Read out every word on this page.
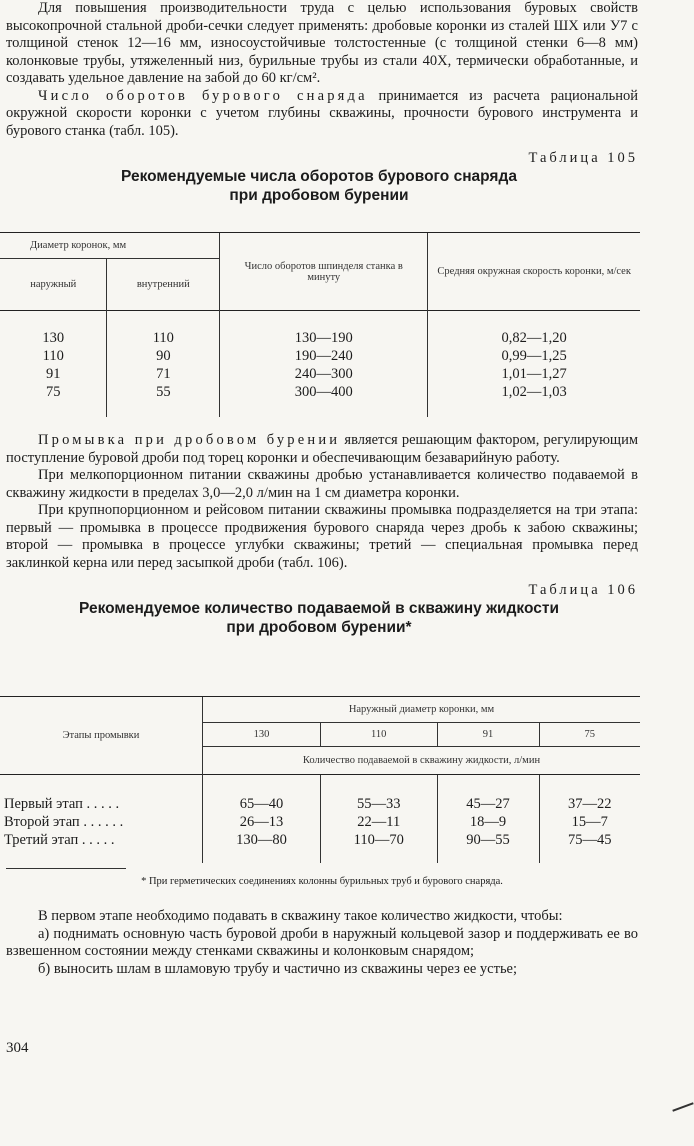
Для повышения производительности труда с целью использования буровых свойств высокопрочной стальной дроби-сечки следует применять: дробовые коронки из сталей ШХ или У7 с толщиной стенок 12—16 мм, износоустойчивые толстостенные (с толщиной стенки 6—8 мм) колонковые трубы, утяжеленный низ, бурильные трубы из стали 40Х, термически обработанные, и создавать удельное давление на забой до 60 кг/см².

Число оборотов бурового снаряда принимается из расчета рациональной окружной скорости коронки с учетом глубины скважины, прочности бурового инструмента и бурового станка (табл. 105).

Таблица 105

Рекомендуемые числа оборотов бурового снаряда

при дробовом бурении

Диаметр коронок, мм		Число оборотов шпинделя станка в минуту	Средняя окружная скорость коронки, м/сек
наружный	внутренний		

130	110	130—190	0,82—1,20
110	90	190—240	0,99—1,25
91	71	240—300	1,01—1,27
75	55	300—400	1,02—1,03

Промывка при дробовом бурении является решающим фактором, регулирующим поступление буровой дроби под торец коронки и обеспечивающим безаварийную работу.

При мелкопорционном питании скважины дробью устанавливается количество подаваемой в скважину жидкости в пределах 3,0—2,0 л/мин на 1 см диаметра коронки.

При крупнопорционном и рейсовом питании скважины промывка подразделяется на три этапа: первый — промывка в процессе продвижения бурового снаряда через дробь к забою скважины; второй — промывка в процессе углубки скважины; третий — специальная промывка перед заклинкой керна или перед засыпкой дроби (табл. 106).

Таблица 106

Рекомендуемое количество подаваемой в скважину жидкости

при дробовом бурении*

Этапы промывки	Наружный диаметр коронки, мм			
	130	110	91	75
	Количество подаваемой в скважину жидкости, л/мин			

Первый этап . . . . .	65—40	55—33	45—27	37—22
Второй этап . . . . . .	26—13	22—11	18—9	15—7
Третий этап . . . . .	130—80	110—70	90—55	75—45

* При герметических соединениях колонны бурильных труб и бурового снаряда.

В первом этапе необходимо подавать в скважину такое количество жидкости, чтобы:

а) поднимать основную часть буровой дроби в наружный кольцевой зазор и поддерживать ее во взвешенном состоянии между стенками скважины и колонковым снарядом;

б) выносить шлам в шламовую трубу и частично из скважины через ее устье;

304
